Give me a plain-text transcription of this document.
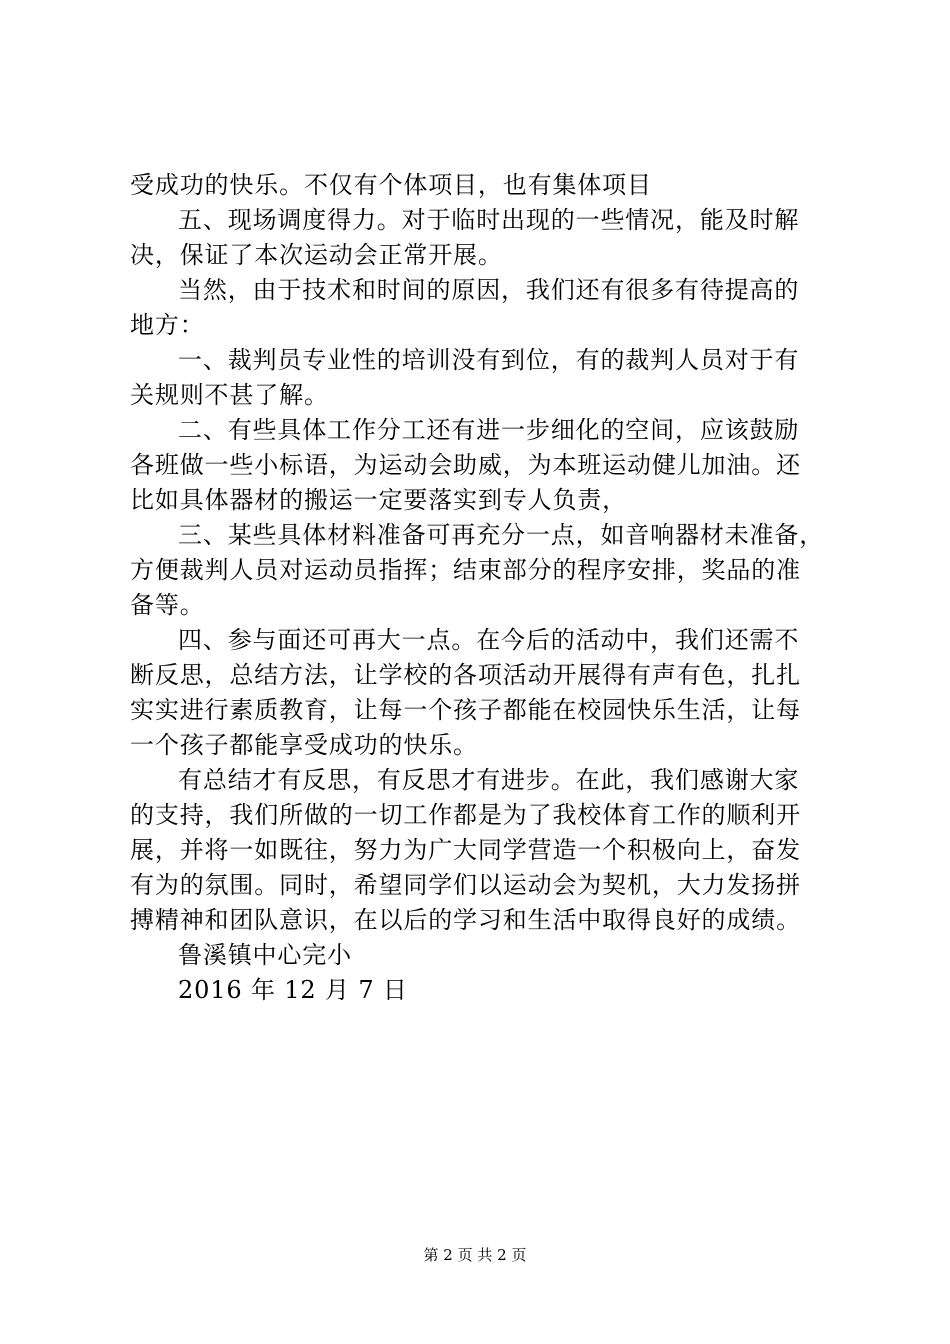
受成功的快乐。不仅有个体项目，也有集体项目
五、现场调度得力。对于临时出现的一些情况，能及时解
决，保证了本次运动会正常开展。
当然，由于技术和时间的原因，我们还有很多有待提高的
地方：
一、裁判员专业性的培训没有到位，有的裁判人员对于有
关规则不甚了解。
二、有些具体工作分工还有进一步细化的空间，应该鼓励
各班做一些小标语，为运动会助威，为本班运动健儿加油。还
比如具体器材的搬运一定要落实到专人负责，
三、某些具体材料准备可再充分一点，如音响器材未准备，
方便裁判人员对运动员指挥；结束部分的程序安排，奖品的准
备等。
四、参与面还可再大一点。在今后的活动中，我们还需不
断反思，总结方法，让学校的各项活动开展得有声有色，扎扎
实实进行素质教育，让每一个孩子都能在校园快乐生活，让每
一个孩子都能享受成功的快乐。
有总结才有反思，有反思才有进步。在此，我们感谢大家
的支持，我们所做的一切工作都是为了我校体育工作的顺利开
展，并将一如既往，努力为广大同学营造一个积极向上，奋发
有为的氛围。同时，希望同学们以运动会为契机，大力发扬拼
搏精神和团队意识，在以后的学习和生活中取得良好的成绩。
鲁溪镇中心完小
2016 年 12 月 7 日
第 2 页 共 2 页
